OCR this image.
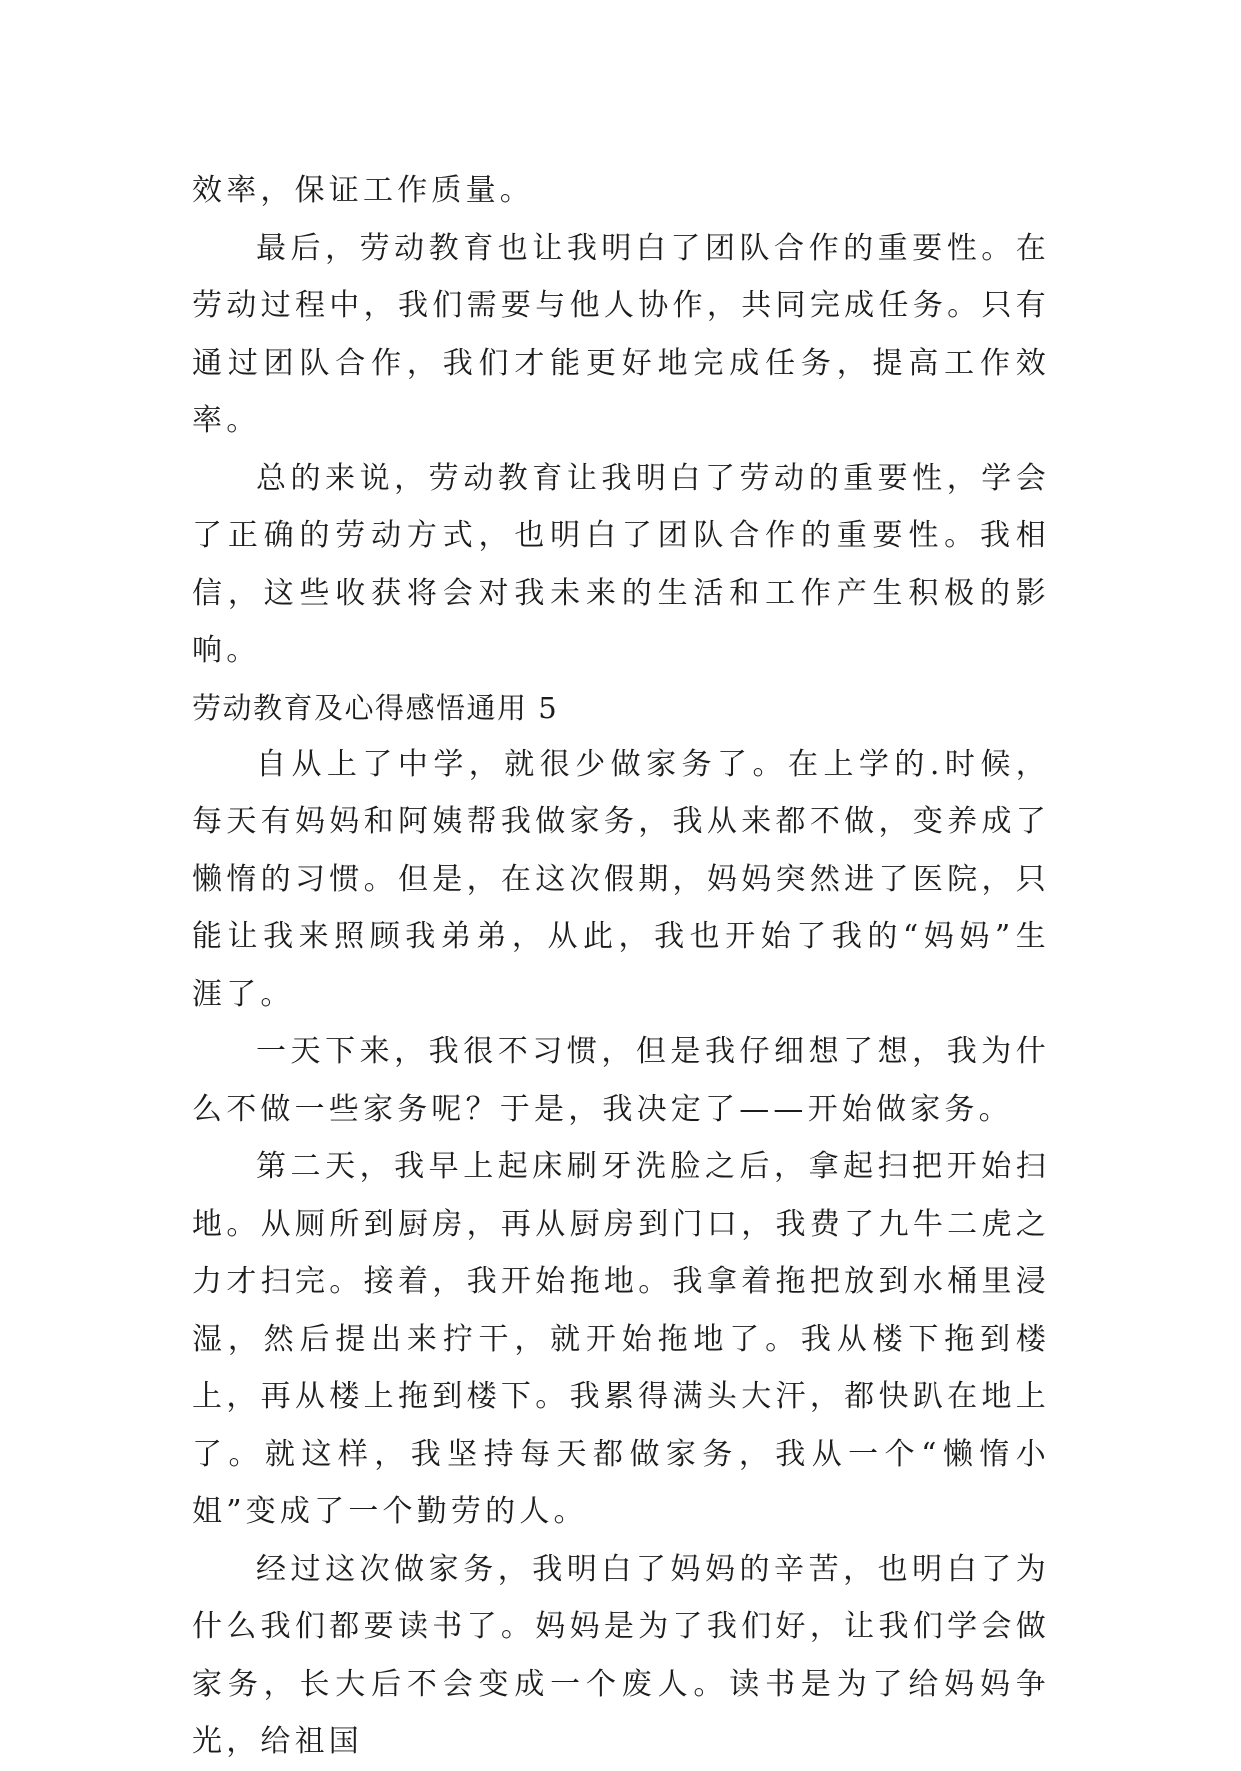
效率，保证工作质量。

最后，劳动教育也让我明白了团队合作的重要性。在劳动过程中，我们需要与他人协作，共同完成任务。只有通过团队合作，我们才能更好地完成任务，提高工作效率。

总的来说，劳动教育让我明白了劳动的重要性，学会了正确的劳动方式，也明白了团队合作的重要性。我相信，这些收获将会对我未来的生活和工作产生积极的影响。

劳动教育及心得感悟通用 5

自从上了中学，就很少做家务了。在上学的.时候，每天有妈妈和阿姨帮我做家务，我从来都不做，变养成了懒惰的习惯。但是，在这次假期，妈妈突然进了医院，只能让我来照顾我弟弟，从此，我也开始了我的“妈妈”生涯了。

一天下来，我很不习惯，但是我仔细想了想，我为什么不做一些家务呢？于是，我决定了——开始做家务。

第二天，我早上起床刷牙洗脸之后，拿起扫把开始扫地。从厕所到厨房，再从厨房到门口，我费了九牛二虎之力才扫完。接着，我开始拖地。我拿着拖把放到水桶里浸湿，然后提出来拧干，就开始拖地了。我从楼下拖到楼上，再从楼上拖到楼下。我累得满头大汗，都快趴在地上了。就这样，我坚持每天都做家务，我从一个“懒惰小姐”变成了一个勤劳的人。

经过这次做家务，我明白了妈妈的辛苦，也明白了为什么我们都要读书了。妈妈是为了我们好，让我们学会做家务，长大后不会变成一个废人。读书是为了给妈妈争光，给祖国
